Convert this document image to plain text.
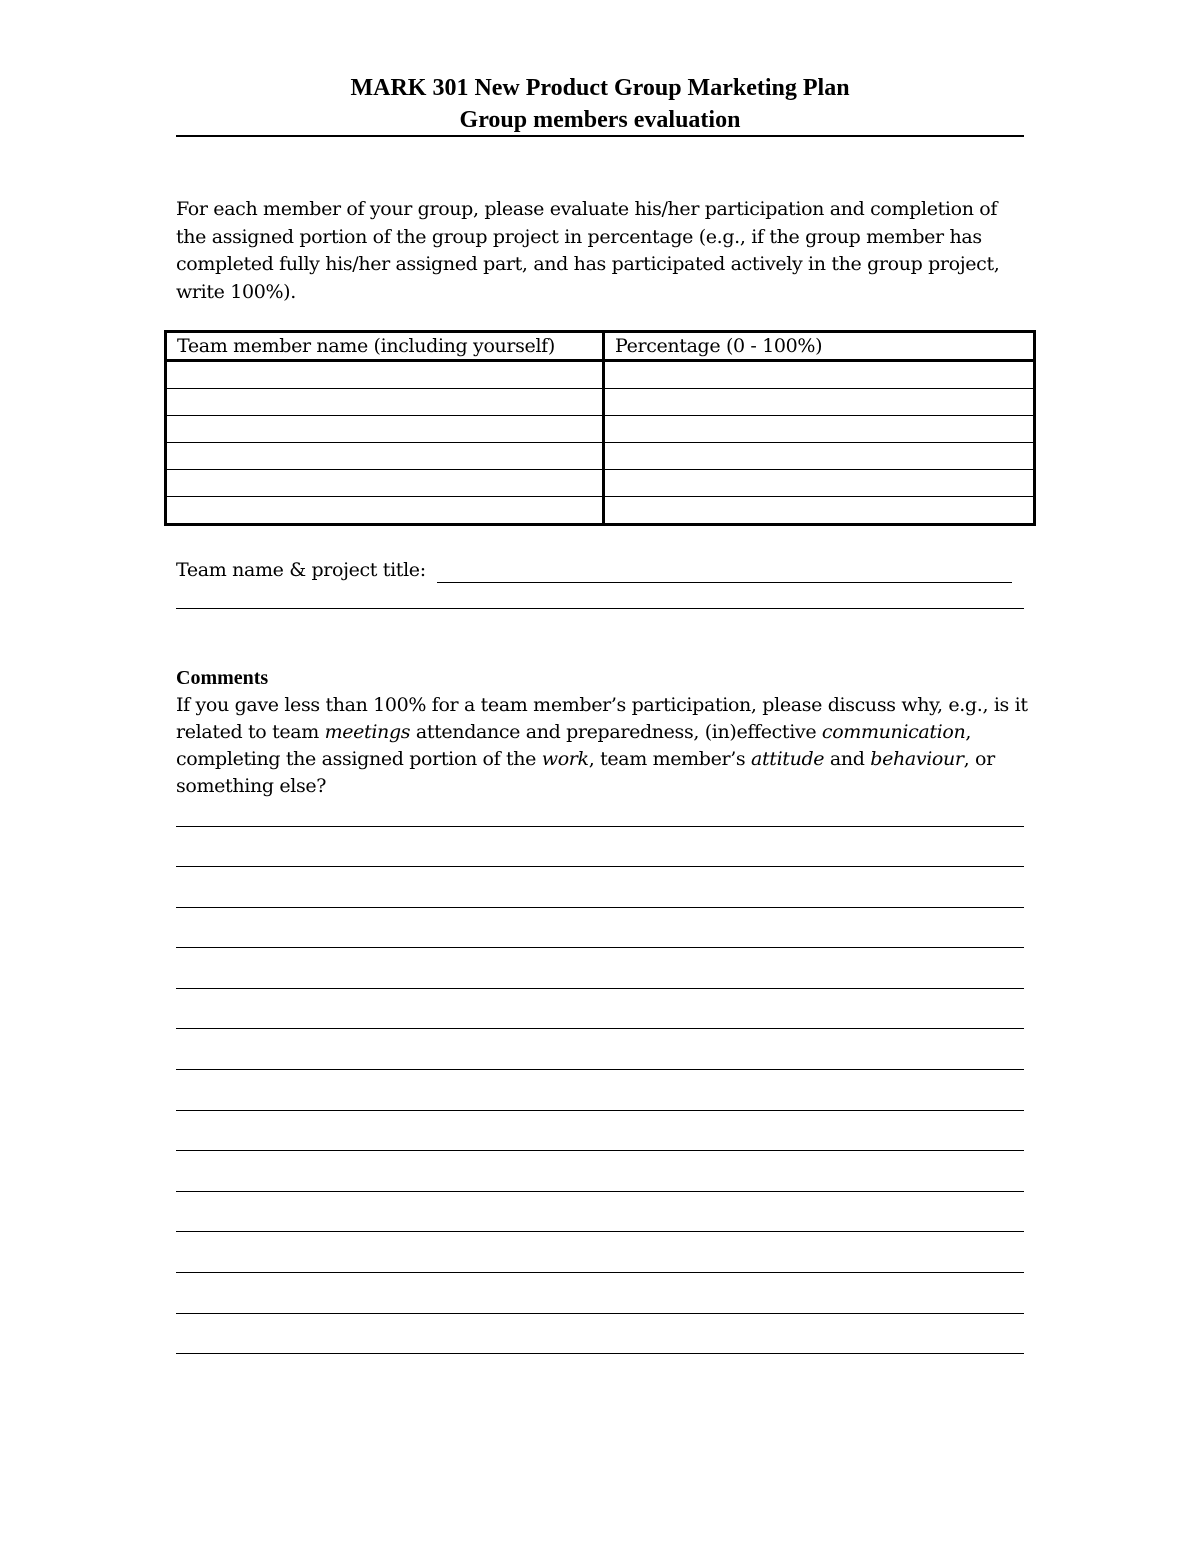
MARK 301 New Product Group Marketing Plan
Group members evaluation
For each member of your group, please evaluate his/her participation and completion of the assigned portion of the group project in percentage (e.g., if the group member has completed fully his/her assigned part, and has participated actively in the group project, write 100%).
Team member name (including yourself)	Percentage (0 - 100%)

Team name & project title:
Comments
If you gave less than 100% for a team member’s participation, please discuss why, e.g., is it related to team meetings attendance and preparedness, (in)effective communication, completing the assigned portion of the work, team member’s attitude and behaviour, or something else?
